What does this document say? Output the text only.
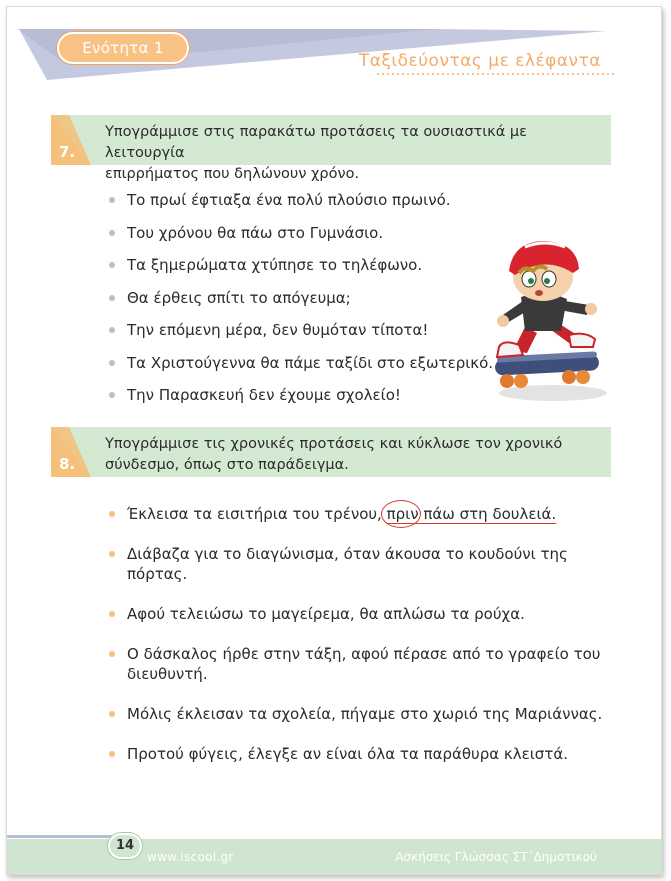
Ενότητα 1
Ταξιδεύοντας με ελέφαντα
7.
Υπογράμμισε στις παρακάτω προτάσεις τα ουσιαστικά με λειτουργία
επιρρήματος που δηλώνουν χρόνο.
Το πρωί έφτιαξα ένα πολύ πλούσιο πρωινό.
Του χρόνου θα πάω στο Γυμνάσιο.
Τα ξημερώματα χτύπησε το τηλέφωνο.
Θα έρθεις σπίτι το απόγευμα;
Την επόμενη μέρα, δεν θυμόταν τίποτα!
Τα Χριστούγεννα θα πάμε ταξίδι στο εξωτερικό.
Την Παρασκευή δεν έχουμε σχολείο!
8.
Υπογράμμισε τις χρονικές προτάσεις και κύκλωσε τον χρονικό
σύνδεσμο, όπως στο παράδειγμα.
Έκλεισα τα εισιτήρια του τρένου, πριν
πάω στη δουλειά.
Διάβαζα για το διαγώνισμα, όταν άκουσα το κουδούνι της πόρτας.
Αφού τελειώσω το μαγείρεμα, θα απλώσω τα ρούχα.
Ο δάσκαλος ήρθε στην τάξη, αφού πέρασε από το γραφείο του διευθυντή.
Μόλις έκλεισαν τα σχολεία, πήγαμε στο χωριό της Μαριάννας.
Προτού φύγεις, έλεγξε αν είναι όλα τα παράθυρα κλειστά.
14
www.iscool.gr	Ασκήσεις Γλώσσας ΣΤ΄Δημοτικού
